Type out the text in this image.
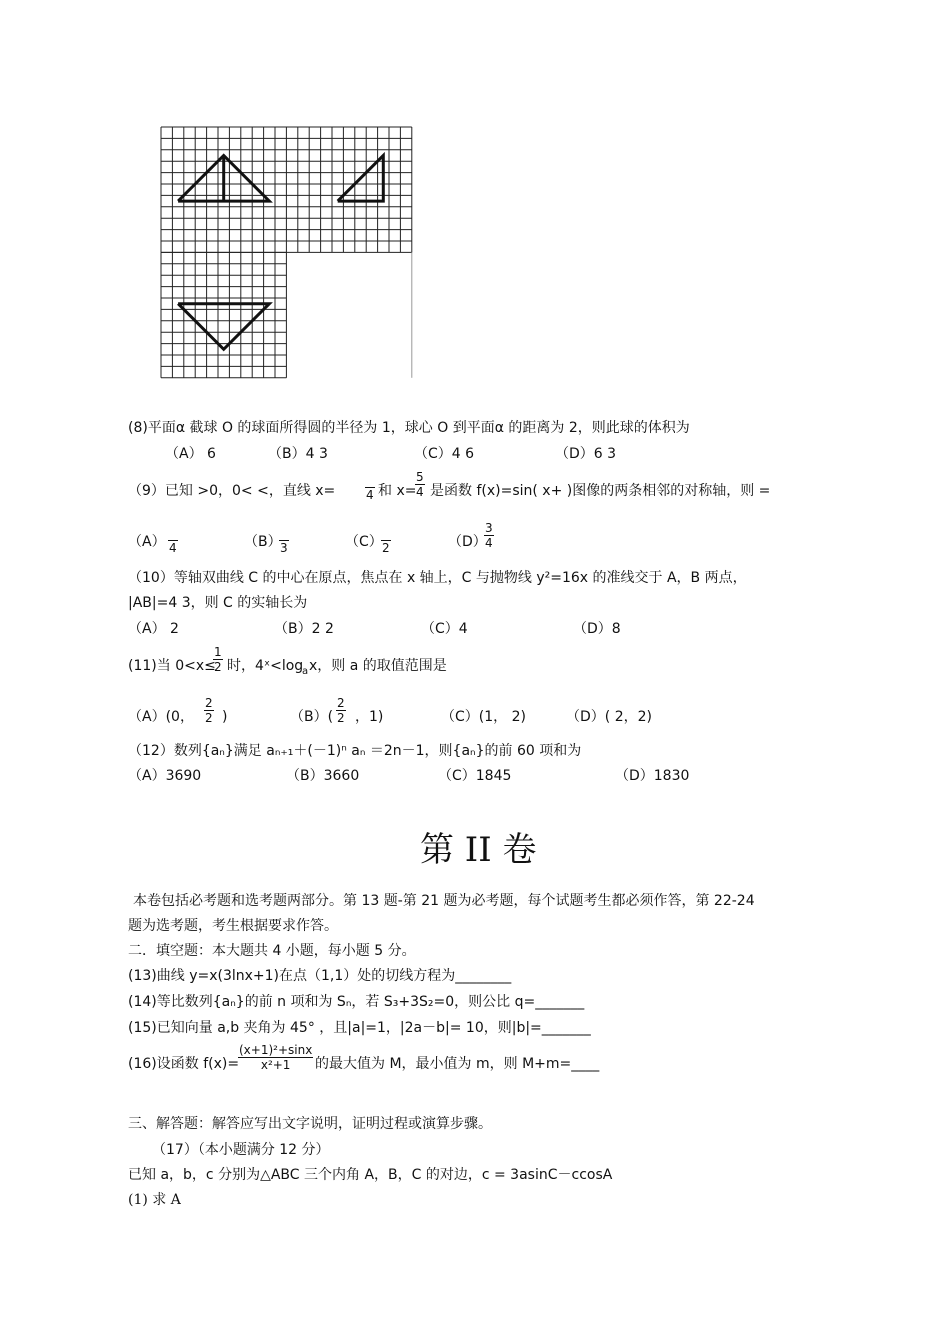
(8)平面α 截球 O 的球面所得圆的半径为 1，球心 O 到平面α 的距离为 2，则此球的体积为
（A） 6	（B）4 3	（C）4 6	（D）6 3
（9）已知 >0，0< <，直线 x=
	4 和 x=
$\frac{5}{4}$ 是函数 f(x)=sin( x+ )图像的两条相邻的对称轴，则 =
（A）
4	（B）

3	（C）
2	（D）
$\frac{3}{4}$
（10）等轴双曲线 C 的中心在原点，焦点在 x 轴上，C 与抛物线 y²=16x 的准线交于 A，B 两点，
|AB|=4 3，则 C 的实轴长为
（A） 2	（B）2 2	（C）4	（D）8
(11)当 0<x≤
$\frac{1}{2}$ 时，4ˣ<log
a x，则 a 的取值范围是
（A）(0， $\frac{2}{2}$ )	$(B)( \frac{2}{2}$ ，1)	（C）(1， 2)	（D）( 2，2)
（12）数列{aₙ}满足 aₙ₊₁＋(－1)ⁿ aₙ ＝2n－1，则{aₙ}的前 60 项和为
（A）3690	（B）3660	（C）1845	（D）1830
第 II 卷
本卷包括必考题和选考题两部分。第 13 题-第 21 题为必考题，每个试题考生都必须作答，第 22-24
题为选考题，考生根据要求作答。
二．填空题：本大题共 4 小题，每小题 5 分。
(13)曲线 y=x(3lnx+1)在点（1,1）处的切线方程为________
(14)等比数列{aₙ}的前 n 项和为 Sₙ，若 S₃+3S₂=0，则公比 q=_______
(15)已知向量 a,b 夹角为 45° ，且|a|=1，|2a－b|= 10，则|b|=_______
(16)设函数 f(x)=
$\frac{\text{(x+1)²+sinx}}{\text{x²+1}}$ 的最大值为 M，最小值为 m，则 M+m=____
三、解答题：解答应写出文字说明，证明过程或演算步骤。
（17）（本小题满分 12 分）
已知 a，b，c 分别为△ABC 三个内角 A，B，C 的对边，c = 3asinC－ccosA
(1) 求 A
